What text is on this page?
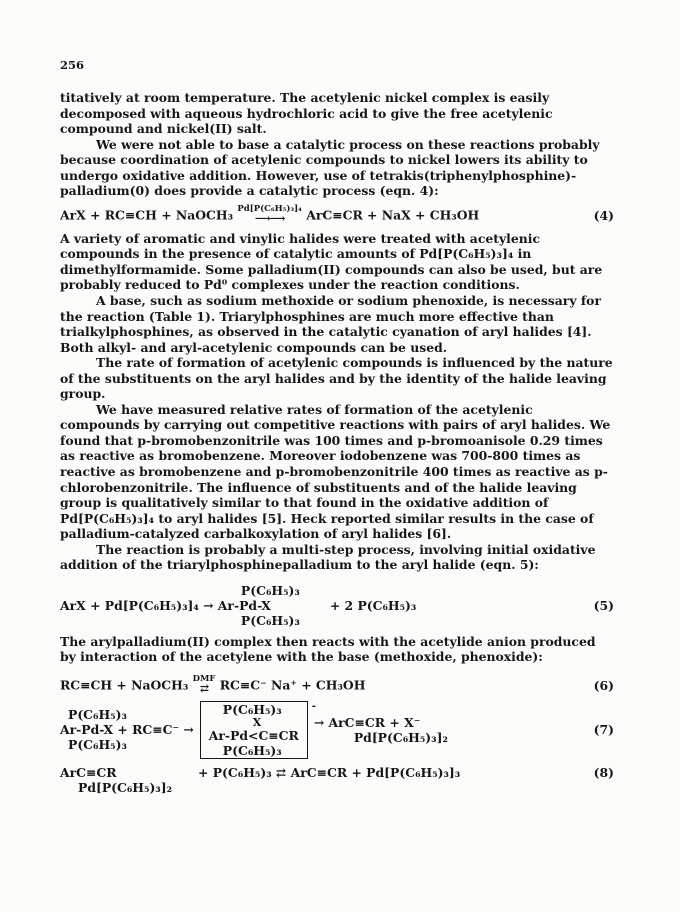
256

titatively at room temperature. The acetylenic nickel complex is easily decomposed with aqueous hydrochloric acid to give the free acetylenic compound and nickel(II) salt.

We were not able to base a catalytic process on these reactions probably because coordination of acetylenic compounds to nickel lowers its ability to undergo oxidative addition. However, use of tetrakis(triphenylphosphine)-palladium(0) does provide a catalytic process (eqn. 4):

ArX + RC≡CH + NaOCH₃ Pd[P(C₆H₅)₃]₄
⟶⟶	ArC≡CR + NaX + CH₃OH	(4)

A variety of aromatic and vinylic halides were treated with acetylenic compounds in the presence of catalytic amounts of Pd[P(C₆H₅)₃]₄ in dimethylformamide. Some palladium(II) compounds can also be used, but are probably reduced to Pd⁰ complexes under the reaction conditions.

A base, such as sodium methoxide or sodium phenoxide, is necessary for the reaction (Table 1). Triarylphosphines are much more effective than trialkylphosphines, as observed in the catalytic cyanation of aryl halides [4]. Both alkyl- and aryl-acetylenic compounds can be used.

The rate of formation of acetylenic compounds is influenced by the nature of the substituents on the aryl halides and by the identity of the halide leaving group.

We have measured relative rates of formation of the acetylenic compounds by carrying out competitive reactions with pairs of aryl halides. We found that p-bromobenzonitrile was 100 times and p-bromoanisole 0.29 times as reactive as bromobenzene. Moreover iodobenzene was 700-800 times as reactive as bromobenzene and p-bromobenzonitrile 400 times as reactive as p-chlorobenzonitrile. The influence of substituents and of the halide leaving group is qualitatively similar to that found in the oxidative addition of Pd[P(C₆H₅)₃]₄ to aryl halides [5]. Heck reported similar results in the case of palladium-catalyzed carbalkoxylation of aryl halides [6].

The reaction is probably a multi-step process, involving initial oxidative addition of the triarylphosphinepalladium to the aryl halide (eqn. 5):

ArX + Pd[P(C₆H₅)₃]₄ → Ar-Pd-X
P(C₆H₅)₃
P(C₆H₅)₃
+ 2 P(C₆H₅)₃	(5)

The arylpalladium(II) complex then reacts with the acetylide anion produced by interaction of the acetylene with the base (methoxide, phenoxide):

RC≡CH + NaOCH₃ DMF
⇄ RC≡C⁻ Na⁺ + CH₃OH	(6)
P(C₆H₅)₃
Ar-Pd-X + RC≡C⁻ →
P(C₆H₅)₃
P(C₆H₅)₃
X
Ar-Pd<C≡CR
P(C₆H₅)₃
-
→ ArC≡CR + X⁻
Pd[P(C₆H₅)₃]₂
(7)
ArC≡CR
Pd[P(C₆H₅)₃]₂
+ P(C₆H₅)₃ ⇄ ArC≡CR + Pd[P(C₆H₅)₃]₃	(8)
